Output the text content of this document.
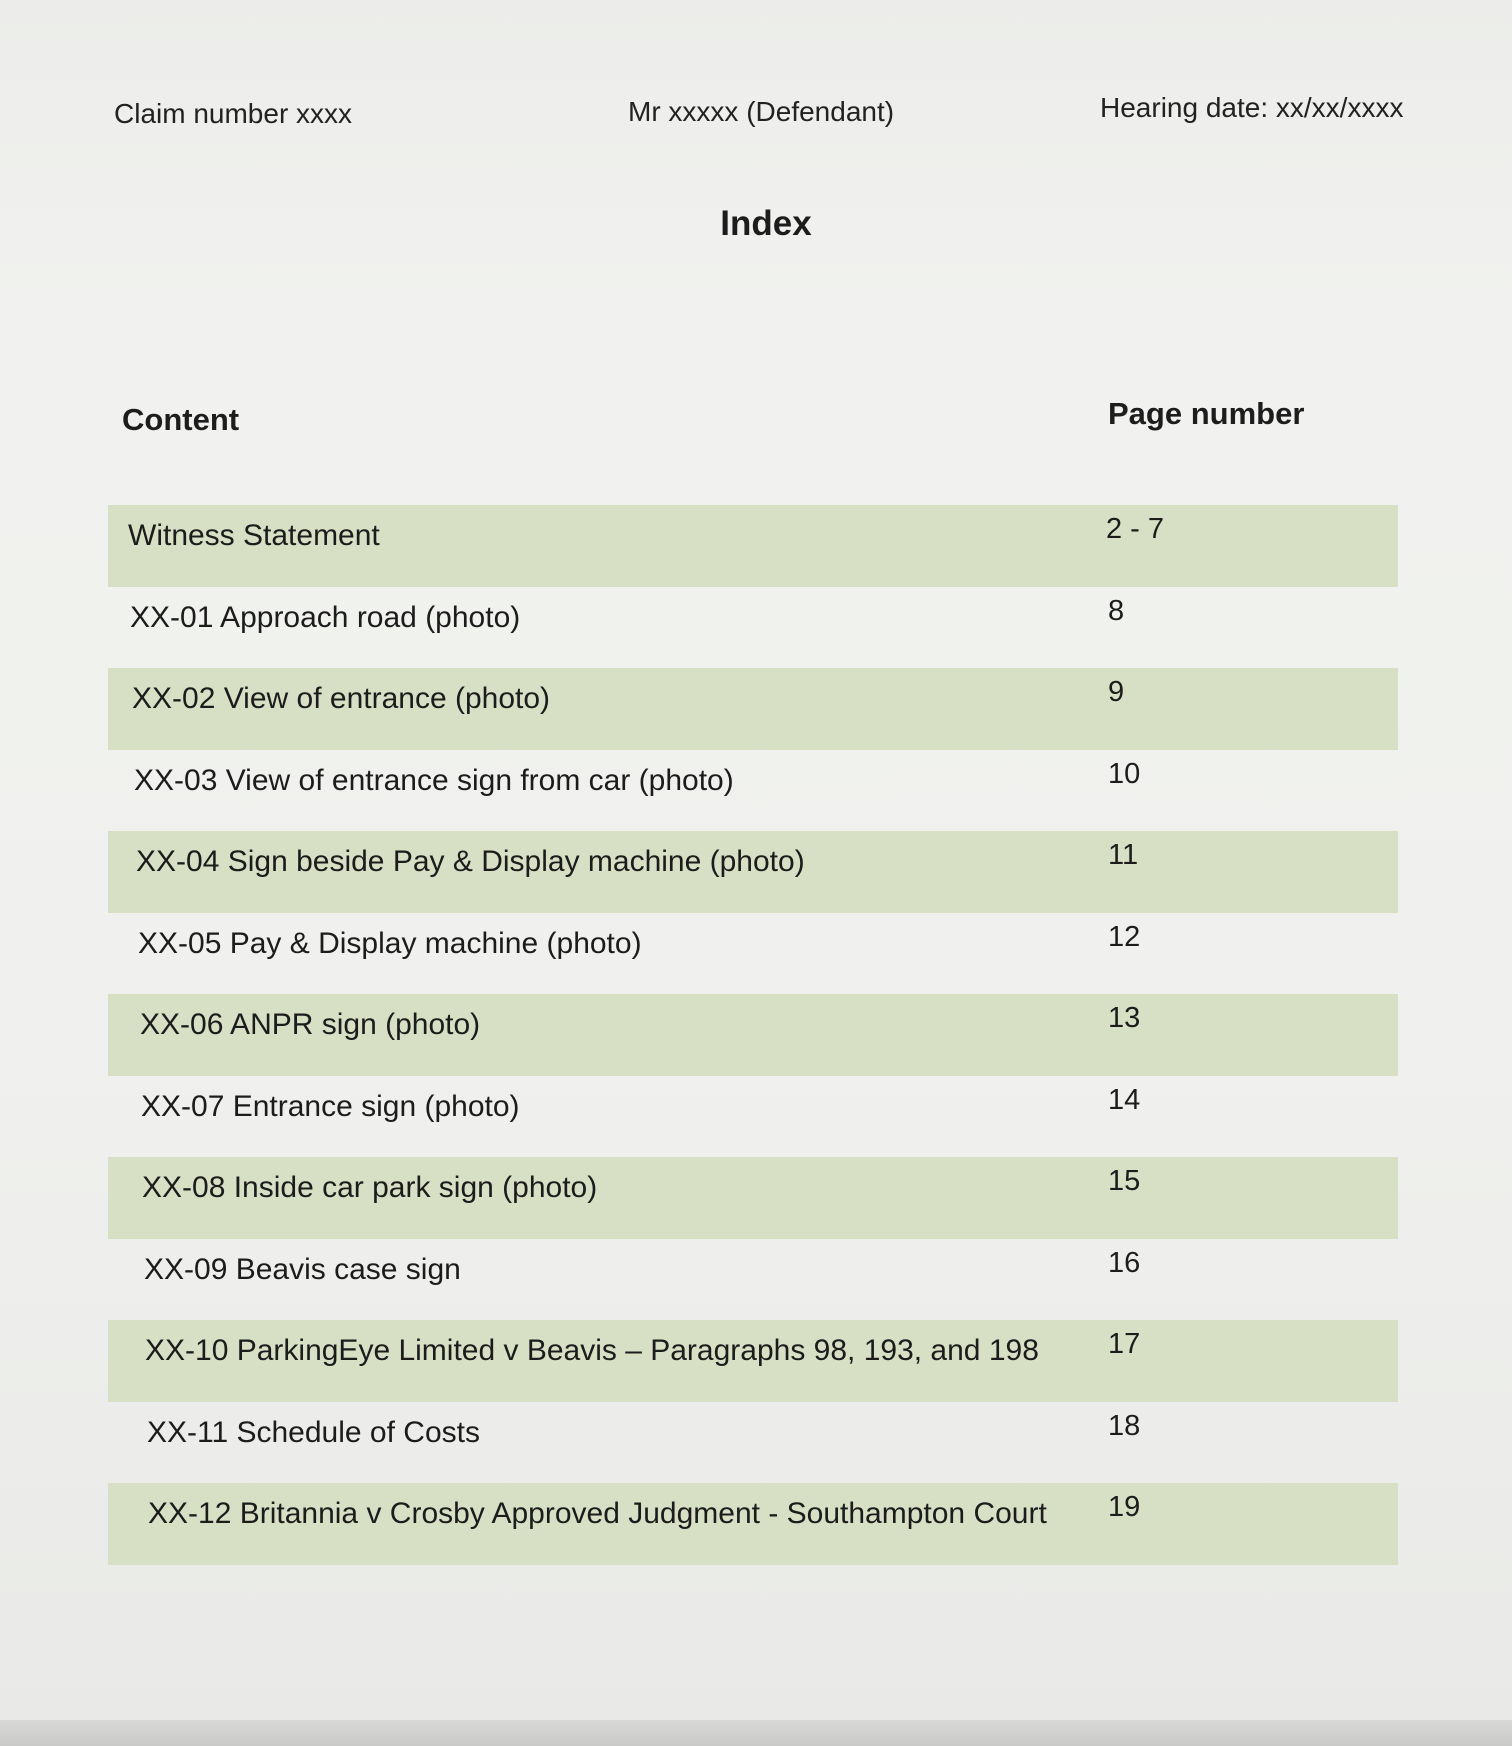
Claim number xxxx	Mr xxxxx (Defendant)	Hearing date: xx/xx/xxxx
Index
Content	Page number
Witness Statement	2 - 7
XX-01 Approach road (photo)	8
XX-02 View of entrance (photo)	9
XX-03 View of entrance sign from car (photo)	10
XX-04 Sign beside Pay & Display machine (photo)	11
XX-05 Pay & Display machine (photo)	12
XX-06 ANPR sign (photo)	13
XX-07 Entrance sign (photo)	14
XX-08 Inside car park sign (photo)	15
XX-09 Beavis case sign	16
XX-10 ParkingEye Limited v Beavis – Paragraphs 98, 193, and 198 17
XX-11 Schedule of Costs	18
XX-12 Britannia v Crosby Approved Judgment - Southampton Court 19
